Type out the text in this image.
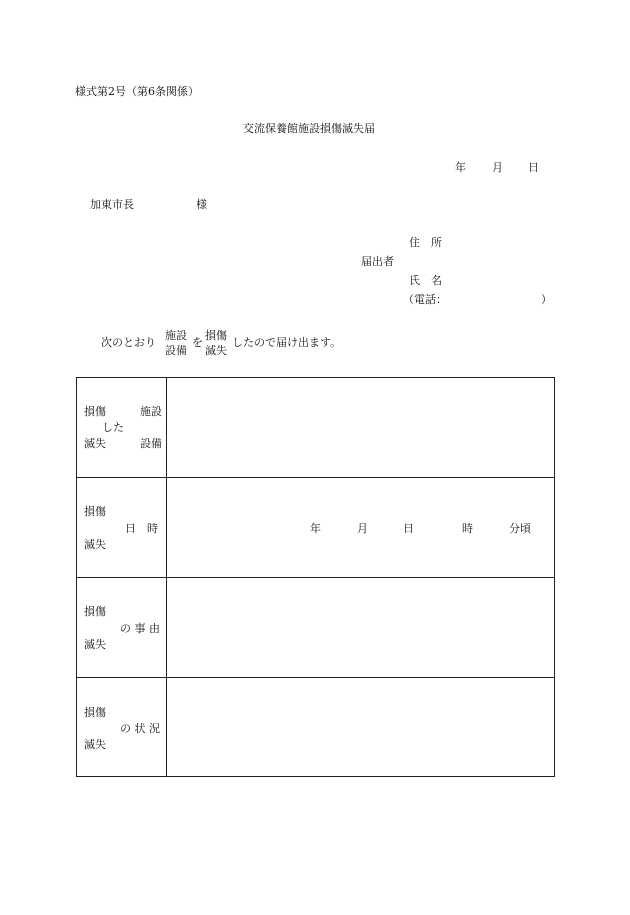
様式第2号（第6条関係）
交流保養館施設損傷滅失届
年 月 日
加東市長	様
住　所
届出者
氏　名
（電話：	）
次のとおり
施設
設備
を
損傷
滅失
したので届け出ます。
損傷	施設
した
滅失	設備
損傷
日　時
滅失
年	月	日	時	分頃
損傷
の 事 由
滅失
損傷
の 状 況
滅失
